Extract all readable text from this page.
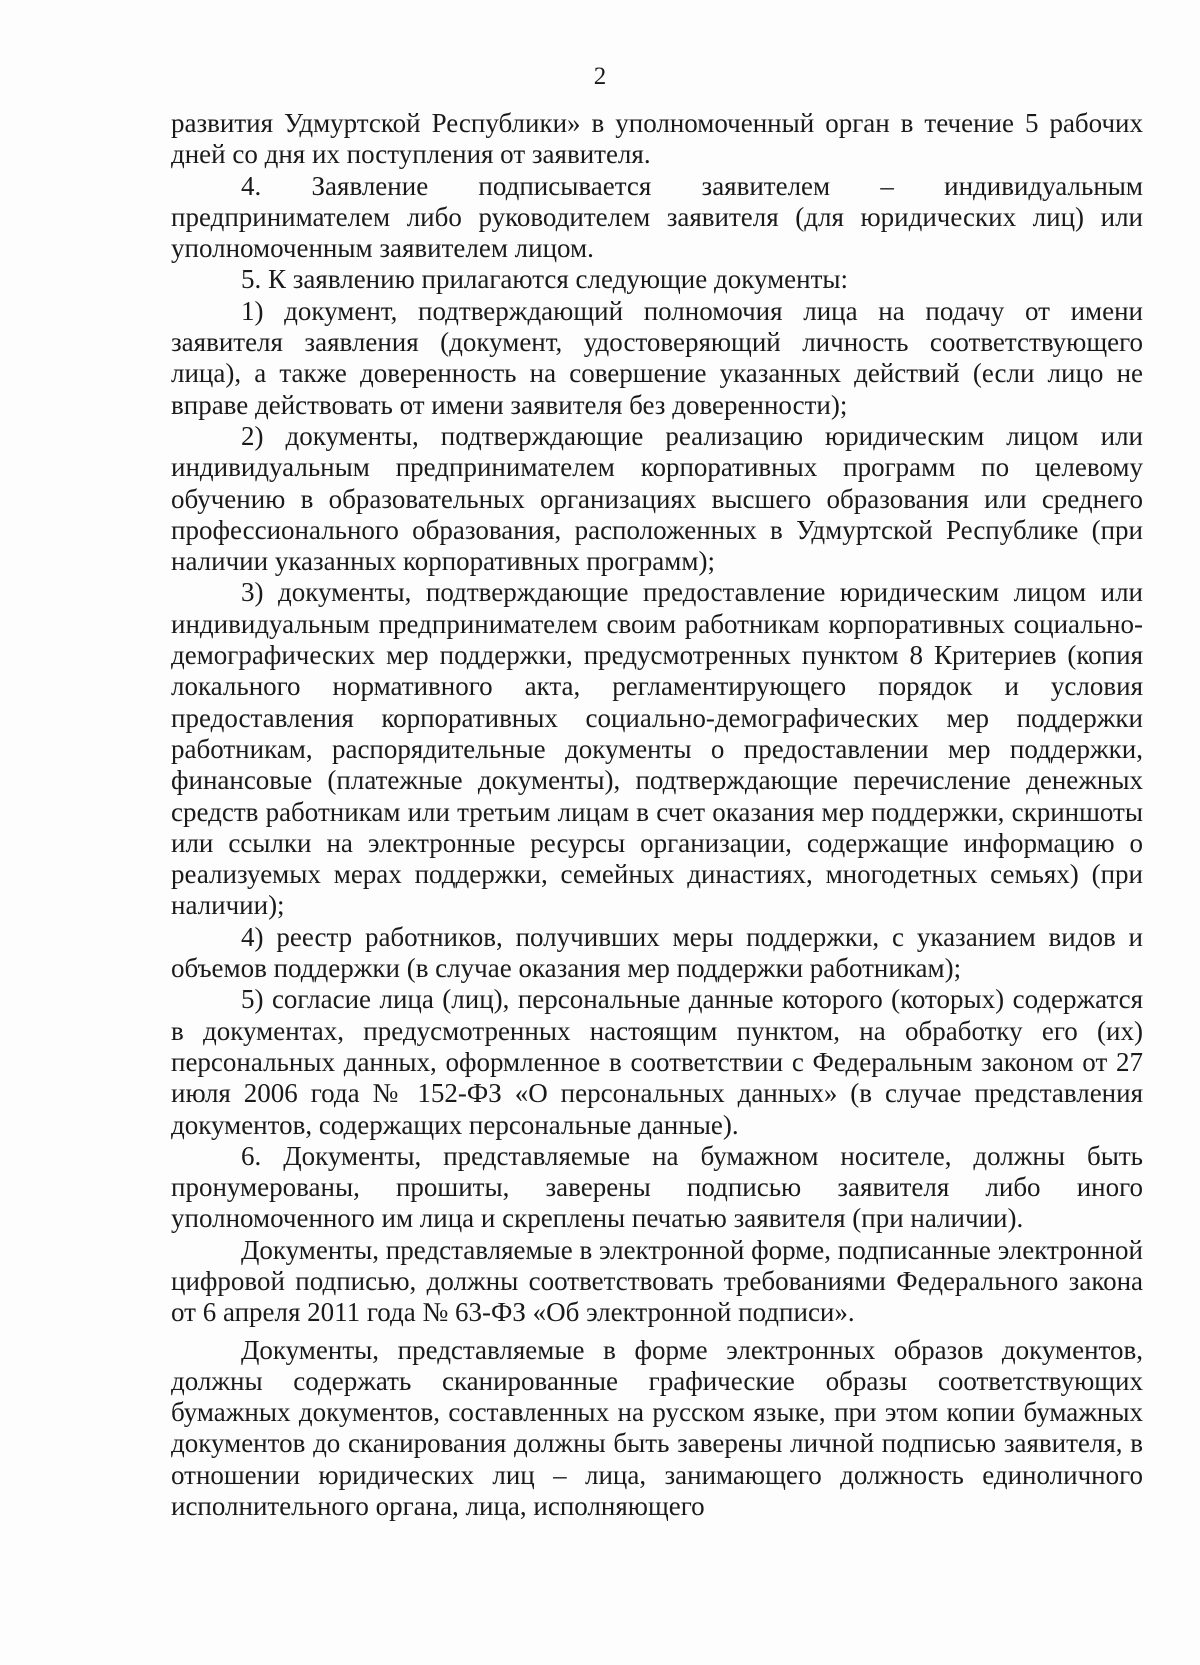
2

развития Удмуртской Республики» в уполномоченный орган в течение 5 рабочих дней со дня их поступления от заявителя.

4. Заявление подписывается заявителем – индивидуальным предпринимателем либо руководителем заявителя (для юридических лиц) или уполномоченным заявителем лицом.

5. К заявлению прилагаются следующие документы:

1) документ, подтверждающий полномочия лица на подачу от имени заявителя заявления (документ, удостоверяющий личность соответствующего лица), а также доверенность на совершение указанных действий (если лицо не вправе действовать от имени заявителя без доверенности);

2) документы, подтверждающие реализацию юридическим лицом или индивидуальным предпринимателем корпоративных программ по целевому обучению в образовательных организациях высшего образования или среднего профессионального образования, расположенных в Удмуртской Республике (при наличии указанных корпоративных программ);

3) документы, подтверждающие предоставление юридическим лицом или индивидуальным предпринимателем своим работникам корпоративных социально-демографических мер поддержки, предусмотренных пунктом 8 Критериев (копия локального нормативного акта, регламентирующего порядок и условия предоставления корпоративных социально-демографических мер поддержки работникам, распорядительные документы о предоставлении мер поддержки, финансовые (платежные документы), подтверждающие перечисление денежных средств работникам или третьим лицам в счет оказания мер поддержки, скриншоты или ссылки на электронные ресурсы организации, содержащие информацию о реализуемых мерах поддержки, семейных династиях, многодетных семьях) (при наличии);

4) реестр работников, получивших меры поддержки, с указанием видов и объемов поддержки (в случае оказания мер поддержки работникам);

5) согласие лица (лиц), персональные данные которого (которых) содержатся в документах, предусмотренных настоящим пунктом, на обработку его (их) персональных данных, оформленное в соответствии с Федеральным законом от 27 июля 2006 года № 152-ФЗ «О персональных данных» (в случае представления документов, содержащих персональные данные).

6. Документы, представляемые на бумажном носителе, должны быть пронумерованы, прошиты, заверены подписью заявителя либо иного уполномоченного им лица и скреплены печатью заявителя (при наличии).

Документы, представляемые в электронной форме, подписанные электронной цифровой подписью, должны соответствовать требованиями Федерального закона от 6 апреля 2011 года № 63-ФЗ «Об электронной подписи».

Документы, представляемые в форме электронных образов документов, должны содержать сканированные графические образы соответствующих бумажных документов, составленных на русском языке, при этом копии бумажных документов до сканирования должны быть заверены личной подписью заявителя, в отношении юридических лиц – лица, занимающего должность единоличного исполнительного органа, лица, исполняющего
